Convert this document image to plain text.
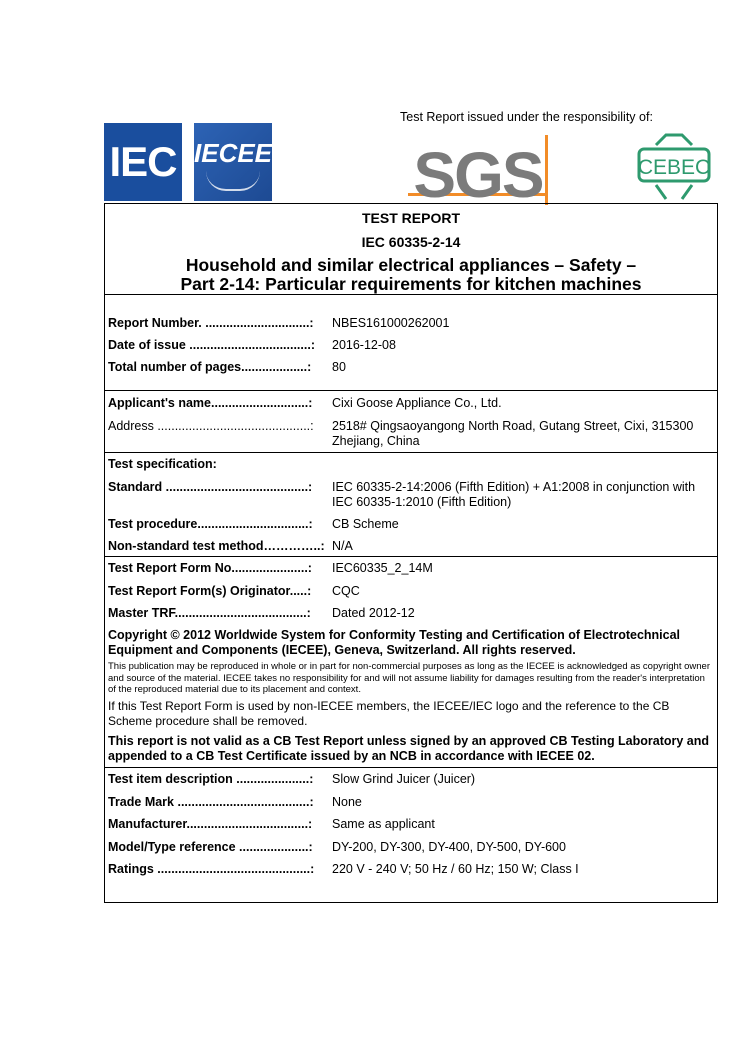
Test Report issued under the responsibility of:
IEC IECEE SGS	CEBEC
TEST REPORT
IEC 60335-2-14
Household and similar electrical appliances – Safety –
Part 2-14: Particular requirements for kitchen machines
Report Number. ..............................:	NBES161000262001
Date of issue ...................................:	2016-12-08
Total number of pages...................:	80
Applicant's name............................:	Cixi Goose Appliance Co., Ltd.
Address ............................................:	2518# Qingsaoyangong North Road, Gutang Street, Cixi, 315300
Zhejiang, China
Test specification:
Standard .........................................:	IEC 60335-2-14:2006 (Fifth Edition) + A1:2008 in conjunction with
IEC 60335-1:2010 (Fifth Edition)
Test procedure................................:	CB Scheme
Non-standard test method…………..: N/A
Test Report Form No......................:	IEC60335_2_14M
Test Report Form(s) Originator.....:	CQC
Master TRF......................................:	Dated 2012-12
Copyright © 2012 Worldwide System for Conformity Testing and Certification of Electrotechnical Equipment and Components (IECEE), Geneva, Switzerland. All rights reserved.
This publication may be reproduced in whole or in part for non-commercial purposes as long as the IECEE is acknowledged as copyright owner and source of the material. IECEE takes no responsibility for and will not assume liability for damages resulting from the reader's interpretation of the reproduced material due to its placement and context.
If this Test Report Form is used by non-IECEE members, the IECEE/IEC logo and the reference to the CB Scheme procedure shall be removed.
This report is not valid as a CB Test Report unless signed by an approved CB Testing Laboratory and appended to a CB Test Certificate issued by an NCB in accordance with IECEE 02.
Test item description .....................:	Slow Grind Juicer (Juicer)
Trade Mark ......................................:	None
Manufacturer...................................:	Same as applicant
Model/Type reference ....................:	DY-200, DY-300, DY-400, DY-500, DY-600
Ratings ............................................:	220 V - 240 V; 50 Hz / 60 Hz; 150 W; Class I
